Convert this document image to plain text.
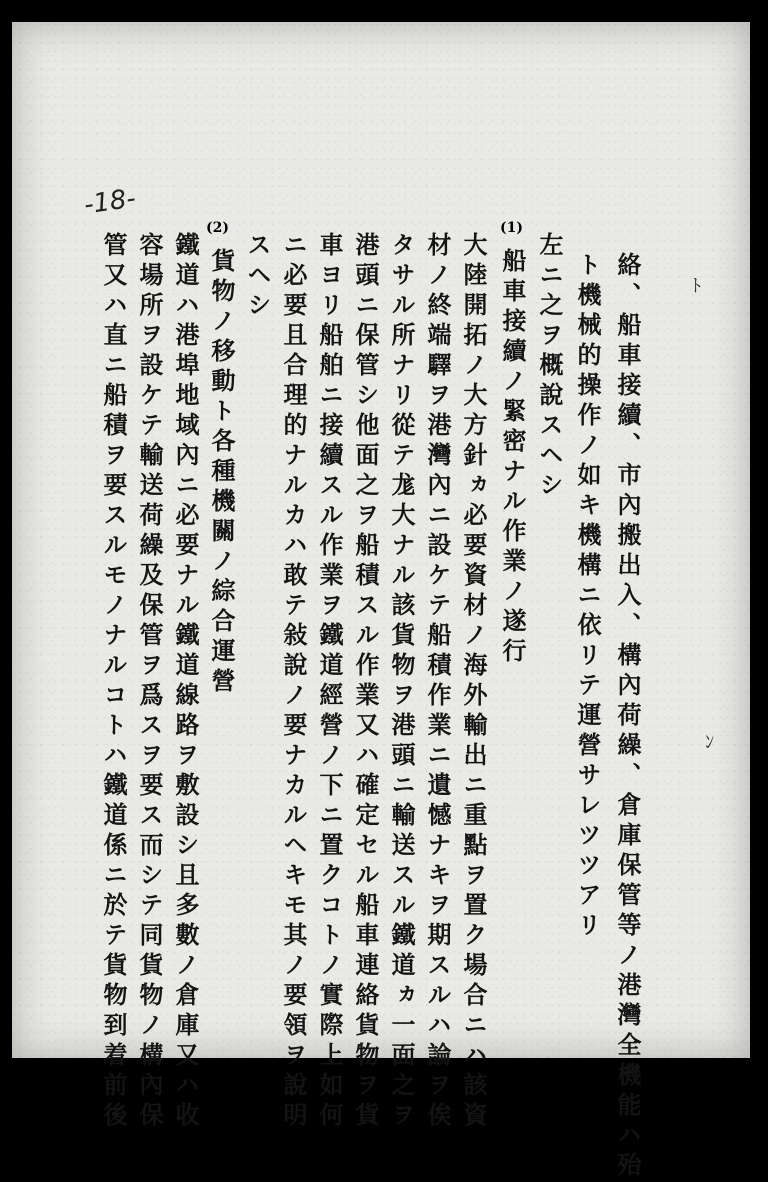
-18-
ﾄ
ﾝ
絡、船車接續、市內搬出入、構內荷繰、倉庫保管等ノ港灣全機能ハ殆
ト機械的操作ノ如キ機構ニ依リテ運營サレツツアリ
左ニ之ヲ概說スヘシ
(1)
船車接續ノ緊密ナル作業ノ遂行
大陸開拓ノ大方針ヵ必要資材ノ海外輸出ニ重點ヲ置ク場合ニハ該資
材ノ終端驛ヲ港灣內ニ設ケテ船積作業ニ遺憾ナキヲ期スルハ論ヲ俟
タサル所ナリ從テ尨大ナル該貨物ヲ港頭ニ輸送スル鐵道ヵ一面之ヲ
港頭ニ保管シ他面之ヲ船積スル作業又ハ確定セル船車連絡貨物ヲ貨
車ヨリ船舶ニ接續スル作業ヲ鐵道經營ノ下ニ置クコトノ實際上如何
ニ必要且合理的ナルカハ敢テ敍說ノ要ナカルヘキモ其ノ要領ヲ說明
スヘシ
(2)
貨物ノ移動ト各種機關ノ綜合運營
鐵道ハ港埠地域內ニ必要ナル鐵道線路ヲ敷設シ且多數ノ倉庫又ハ收
容場所ヲ設ケテ輸送荷繰及保管ヲ爲スヲ要ス而シテ同貨物ノ構內保
管又ハ直ニ船積ヲ要スルモノナルコトハ鐵道係ニ於テ貨物到着前後
